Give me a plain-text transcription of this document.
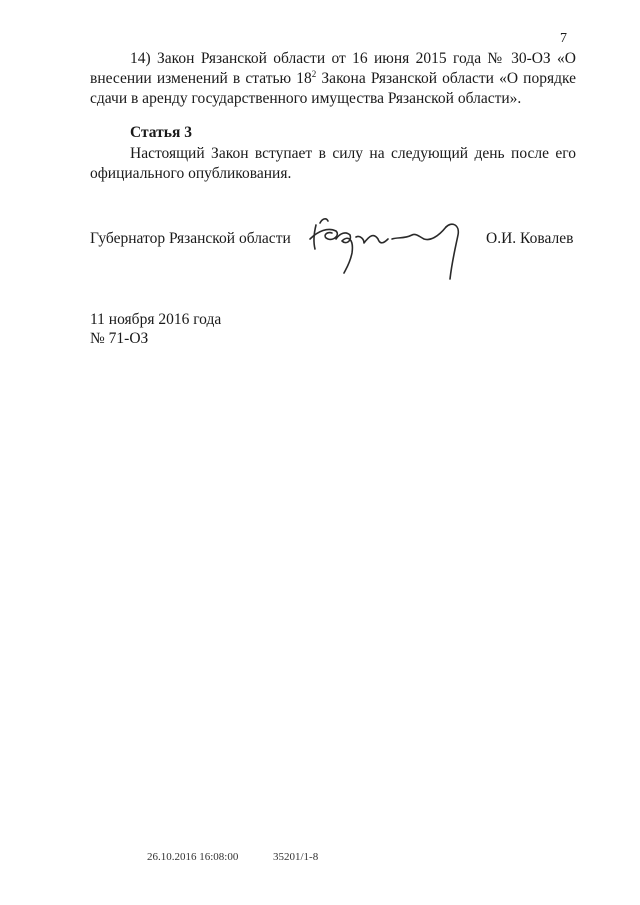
7
14) Закон Рязанской области от 16 июня 2015 года № 30-ОЗ «О
внесении изменений в статью $18^2$ Закона Рязанской области «О порядке
сдачи в аренду государственного имущества Рязанской области».
Статья 3
Настоящий Закон вступает в силу на следующий день после его
официального опубликования.
Губернатор Рязанской области	О.И. Ковалев
11 ноября 2016 года
№ 71-ОЗ
26.10.2016 16:08:00	35201/1-8
